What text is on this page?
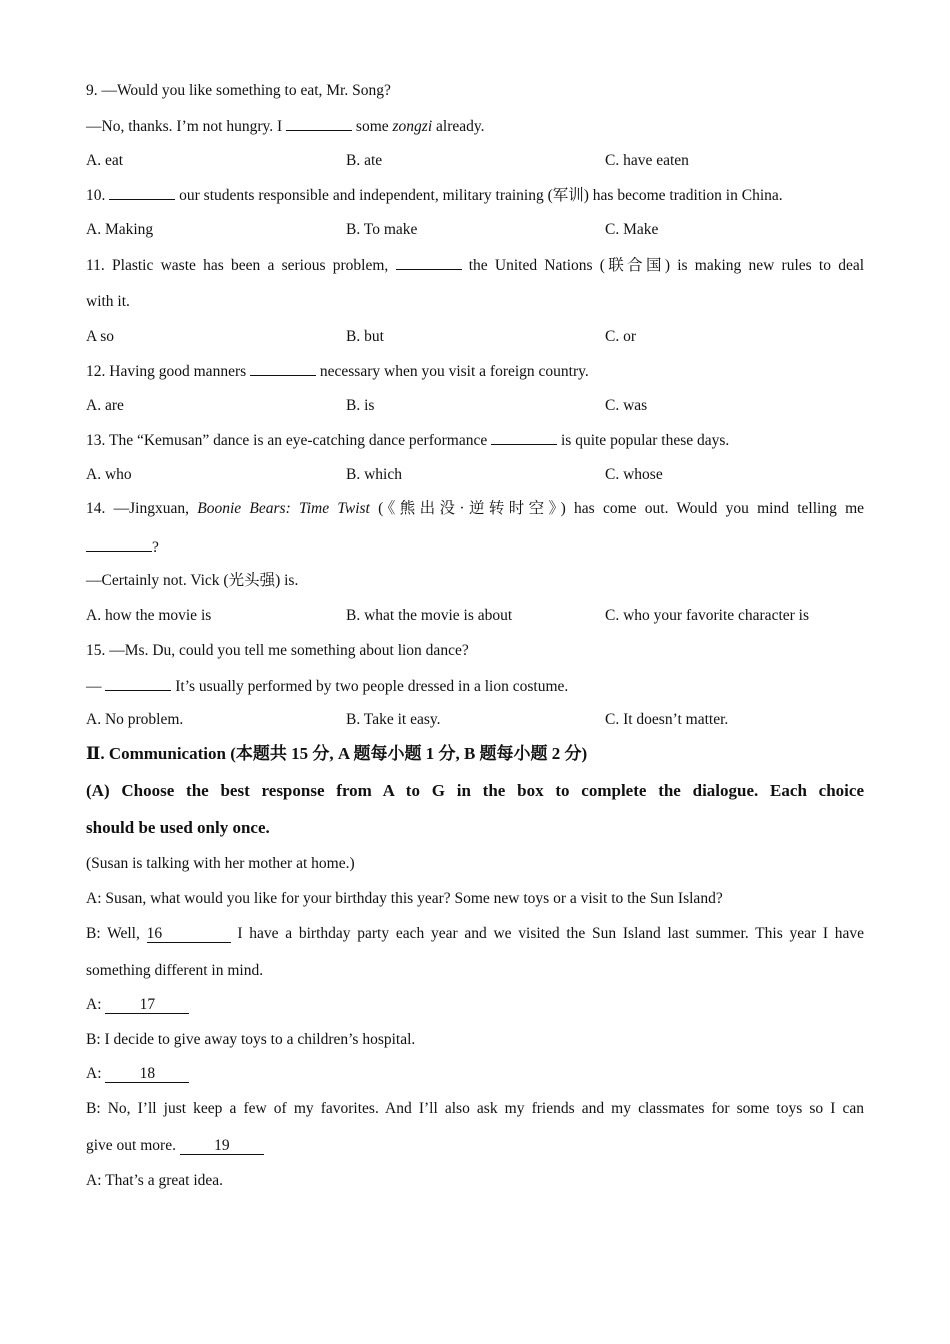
9. —Would you like something to eat, Mr. Song?
—No, thanks. I’m not hungry. I	some zongzi already.
A. eat	B. ate	C. have eaten
10.	our students responsible and independent, military training (军训) has become tradition in China.
A. Making	B. To make	C. Make
11. Plastic waste has been a serious problem,	the United Nations (联合国) is making new rules to deal
with it.
A so	B. but	C. or
12. Having good manners	necessary when you visit a foreign country.
A. are	B. is	C. was
13. The “Kemusan” dance is an eye-catching dance performance	is quite popular these days.
A. who	B. which	C. whose
14. —Jingxuan, Boonie Bears: Time Twist (《熊出没·逆转时空》) has come out. Would you mind telling me
?
—Certainly not. Vick (光头强) is.
A. how the movie is	B. what the movie is about	C. who your favorite character is
15. —Ms. Du, could you tell me something about lion dance?
—	It’s usually performed by two people dressed in a lion costume.
A. No problem.	B. Take it easy.	C. It doesn’t matter.
Ⅱ. Communication (本题共 15 分, A 题每小题 1 分, B 题每小题 2 分)
(A) Choose the best response from A to G in the box to complete the dialogue. Each choice
should be used only once.
(Susan is talking with her mother at home.)
A: Susan, what would you like for your birthday this year? Some new toys or a visit to the Sun Island?
B: Well, 16	I have a birthday party each year and we visited the Sun Island last summer. This year I have
something different in mind.
A: 17
B: I decide to give away toys to a children’s hospital.
A: 18
B: No, I’ll just keep a few of my favorites. And I’ll also ask my friends and my classmates for some toys so I can
give out more. 19
A: That’s a great idea.
